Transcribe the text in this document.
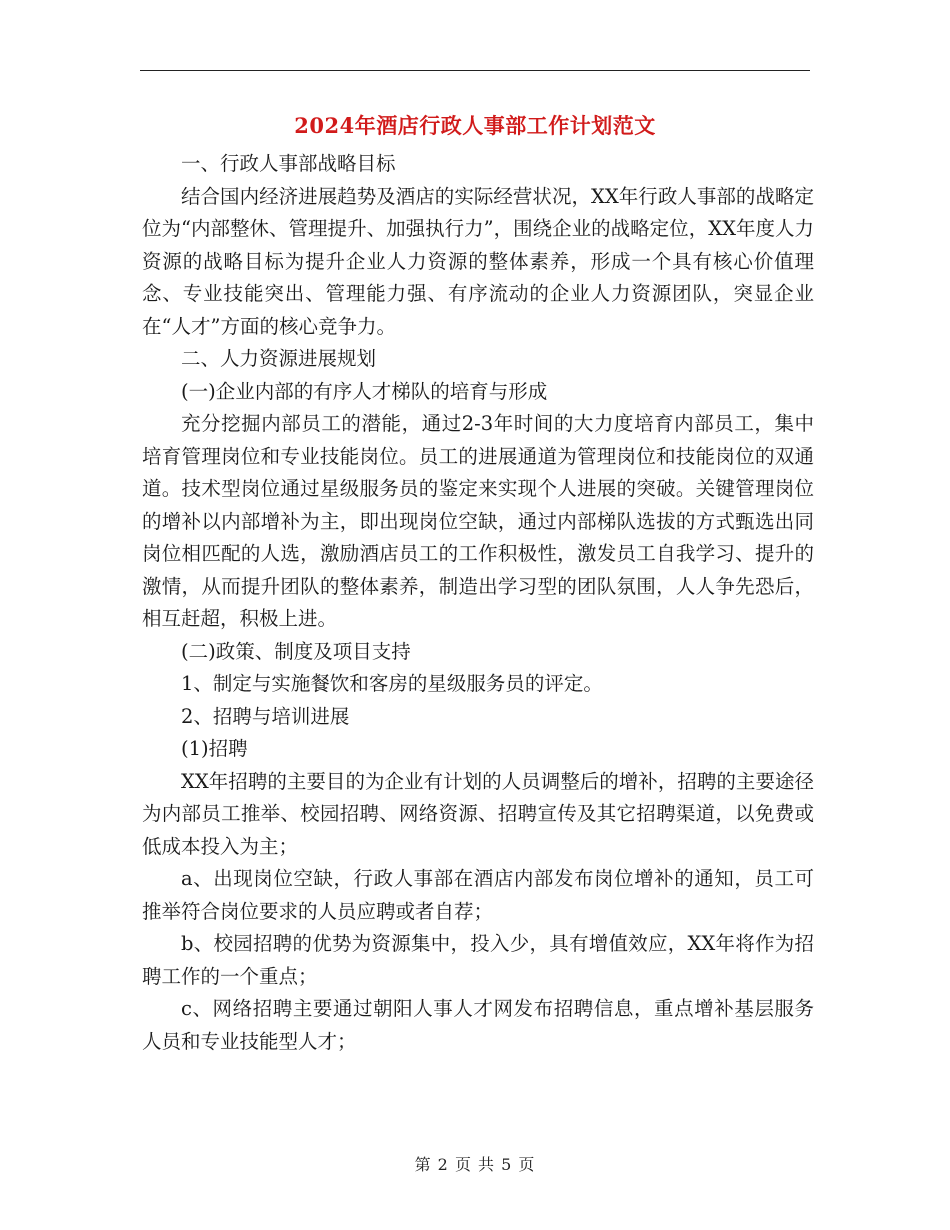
2024年酒店行政人事部工作计划范文

一、行政人事部战略目标

结合国内经济进展趋势及酒店的实际经营状况，XX年行政人事部的战略定位为“内部整休、管理提升、加强执行力”，围绕企业的战略定位，XX年度人力资源的战略目标为提升企业人力资源的整体素养，形成一个具有核心价值理念、专业技能突出、管理能力强、有序流动的企业人力资源团队，突显企业在“人才”方面的核心竞争力。

二、人力资源进展规划

(一)企业内部的有序人才梯队的培育与形成

充分挖掘内部员工的潜能，通过2-3年时间的大力度培育内部员工，集中培育管理岗位和专业技能岗位。员工的进展通道为管理岗位和技能岗位的双通道。技术型岗位通过星级服务员的鉴定来实现个人进展的突破。关键管理岗位的增补以内部增补为主，即出现岗位空缺，通过内部梯队选拔的方式甄选出同岗位相匹配的人选，激励酒店员工的工作积极性，激发员工自我学习、提升的激情，从而提升团队的整体素养，制造出学习型的团队氛围，人人争先恐后，相互赶超，积极上进。

(二)政策、制度及项目支持

1、制定与实施餐饮和客房的星级服务员的评定。

2、招聘与培训进展

(1)招聘

XX年招聘的主要目的为企业有计划的人员调整后的增补，招聘的主要途径为内部员工推举、校园招聘、网络资源、招聘宣传及其它招聘渠道，以免费或低成本投入为主；

a、出现岗位空缺，行政人事部在酒店内部发布岗位增补的通知，员工可推举符合岗位要求的人员应聘或者自荐；

b、校园招聘的优势为资源集中，投入少，具有增值效应，XX年将作为招聘工作的一个重点；

c、网络招聘主要通过朝阳人事人才网发布招聘信息，重点增补基层服务人员和专业技能型人才；

第 2 页 共 5 页
